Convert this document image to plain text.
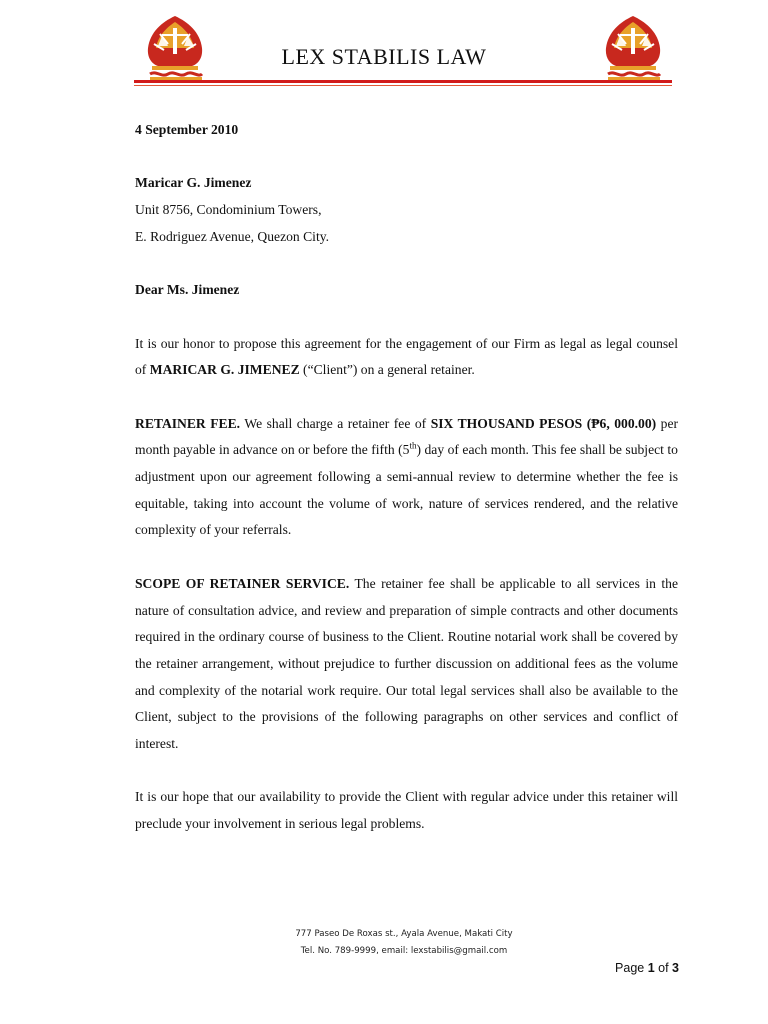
LEX STABILIS LAW

4 September 2010

Maricar G. Jimenez

Unit 8756, Condominium Towers,

E. Rodriguez Avenue, Quezon City.

Dear Ms. Jimenez

It is our honor to propose this agreement for the engagement of our Firm as legal as legal counsel of MARICAR G. JIMENEZ (“Client”) on a general retainer.

RETAINER FEE. We shall charge a retainer fee of SIX THOUSAND PESOS (₱6, 000.00) per month payable in advance on or before the fifth (5th) day of each month. This fee shall be subject to adjustment upon our agreement following a semi-annual review to determine whether the fee is equitable, taking into account the volume of work, nature of services rendered, and the relative complexity of your referrals.

SCOPE OF RETAINER SERVICE. The retainer fee shall be applicable to all services in the nature of consultation advice, and review and preparation of simple contracts and other documents required in the ordinary course of business to the Client. Routine notarial work shall be covered by the retainer arrangement, without prejudice to further discussion on additional fees as the volume and complexity of the notarial work require. Our total legal services shall also be available to the Client, subject to the provisions of the following paragraphs on other services and conflict of interest.

It is our hope that our availability to provide the Client with regular advice under this retainer will preclude your involvement in serious legal problems.

777 Paseo De Roxas st., Ayala Avenue, Makati City
Tel. No. 789-9999, email: lexstabilis@gmail.com
Page 1 of 3
